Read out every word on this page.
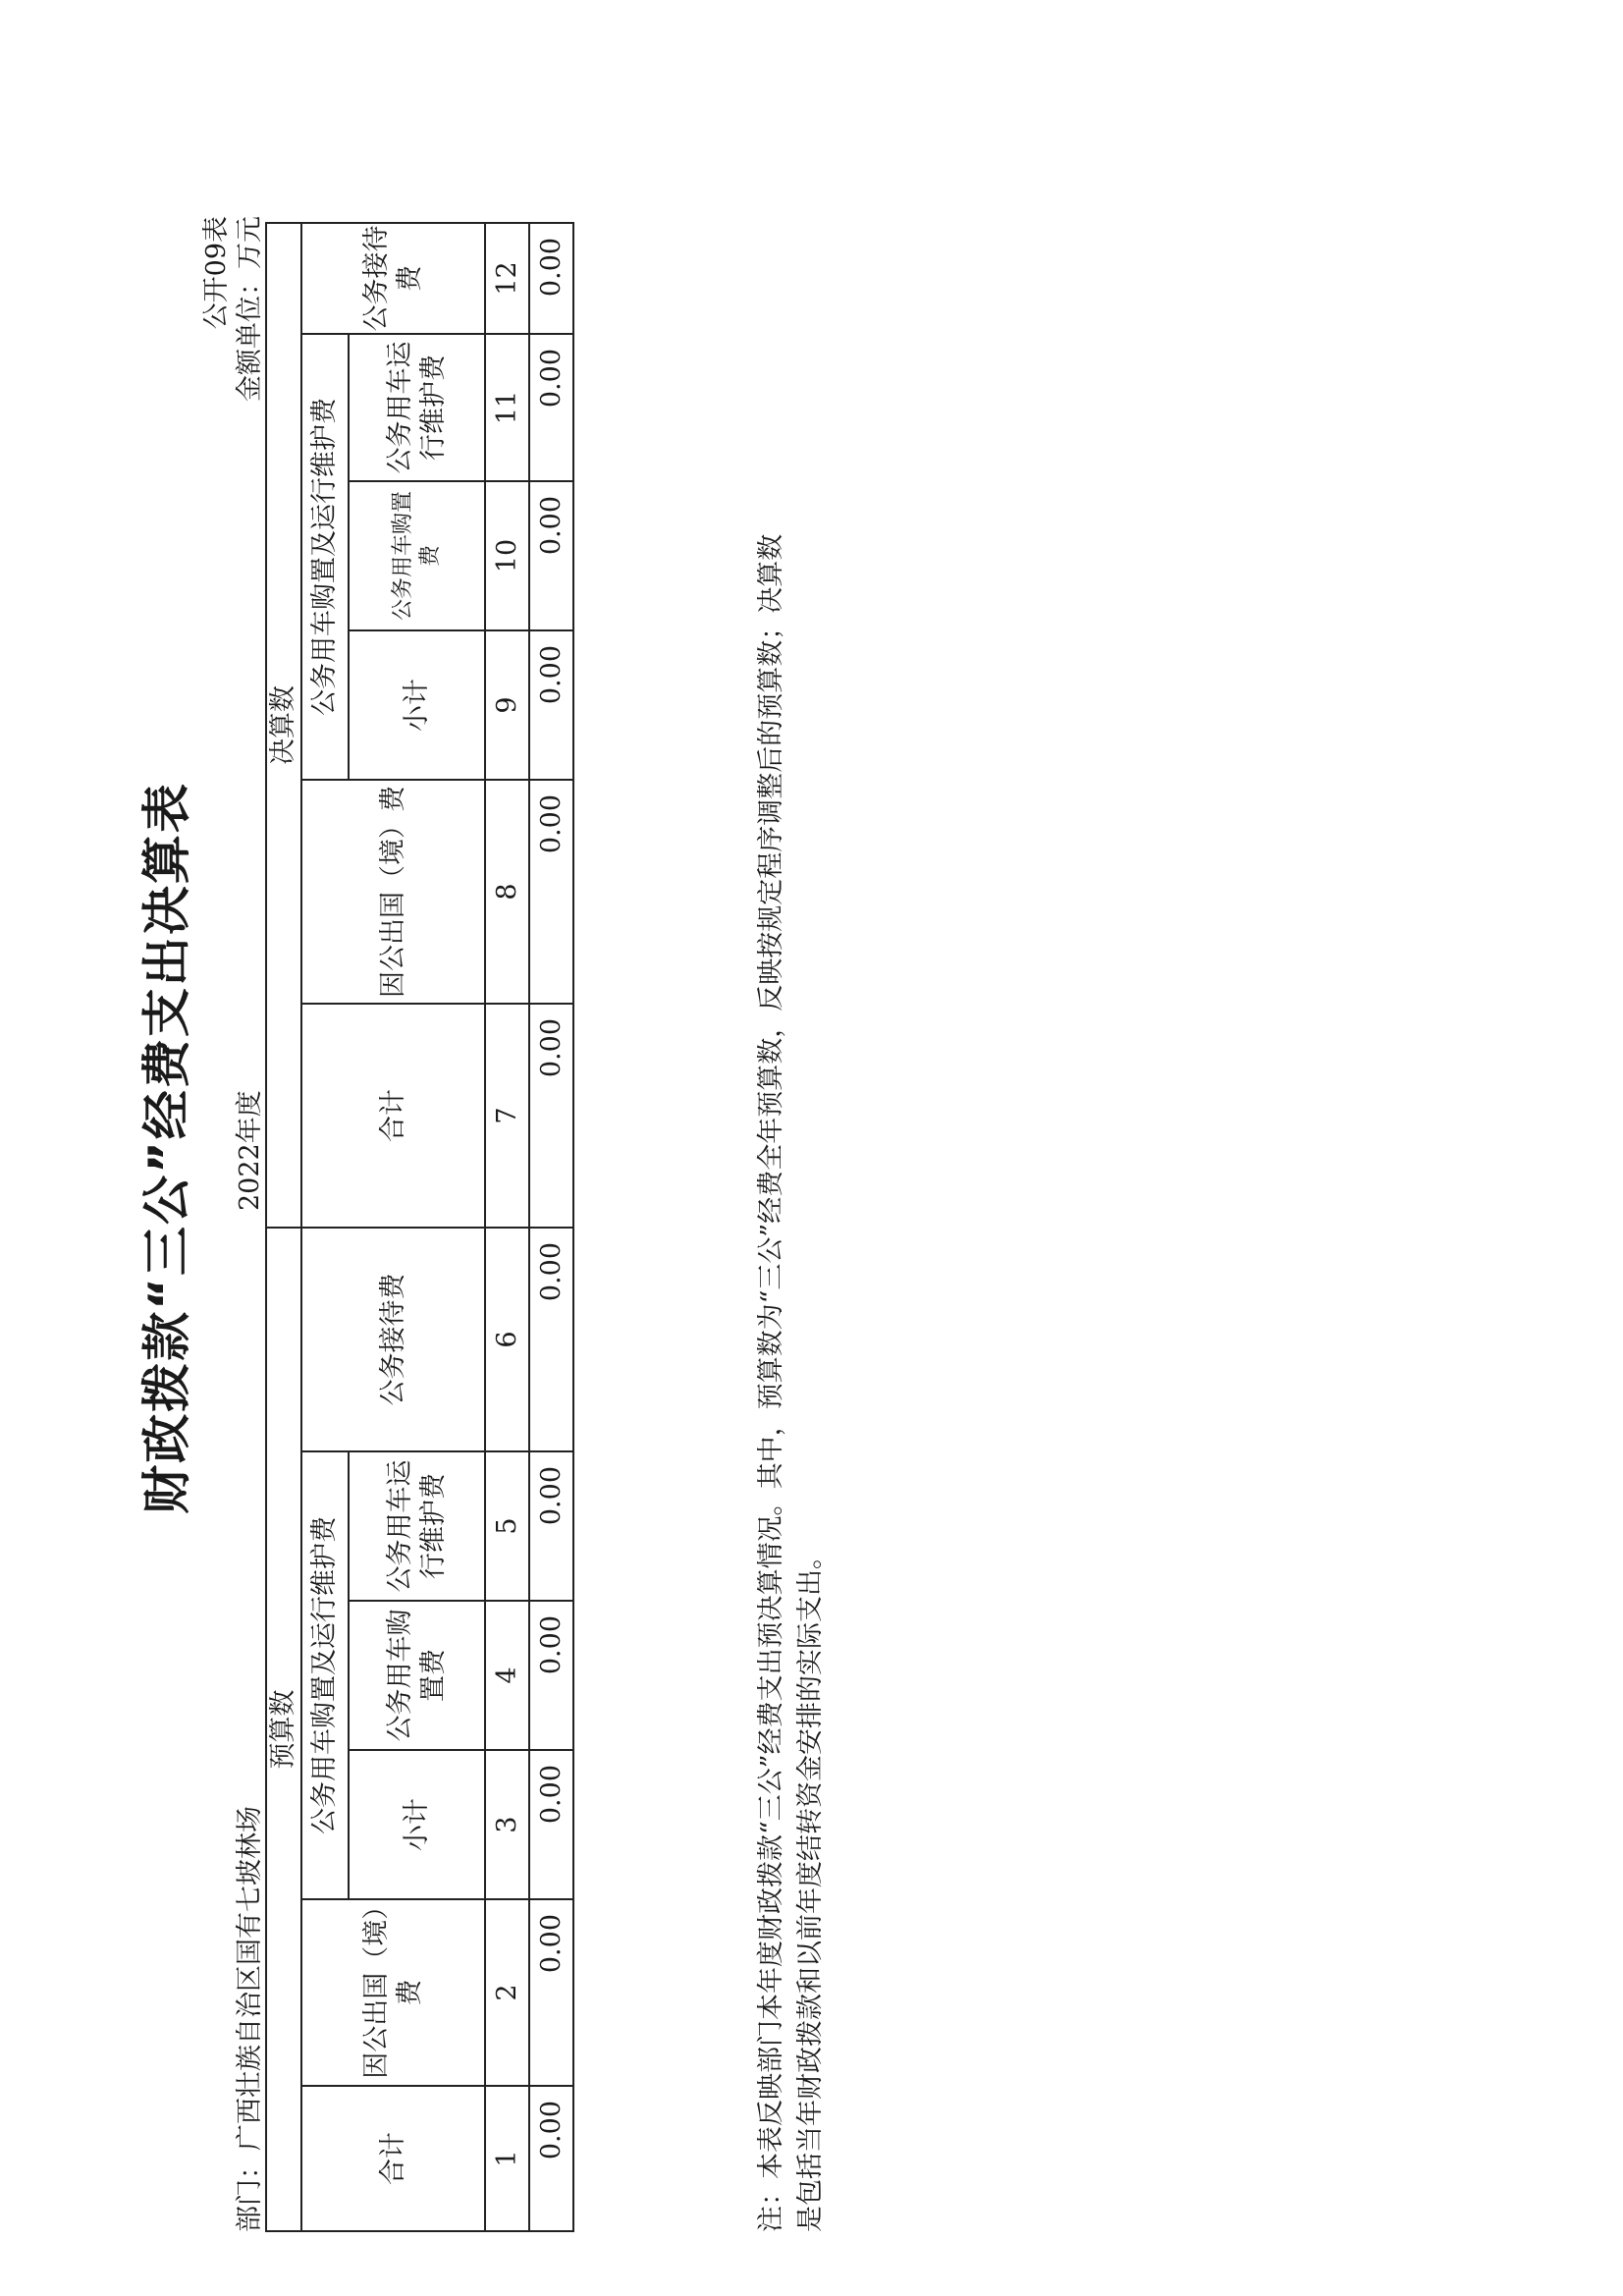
财政拨款“三公”经费支出决算表
公开09表
2022年度
金额单位：万元
部门：广西壮族自治区国有七坡林场
预算数						决算数					
合计	因公出国（境）费	公务用车购置及运行维护费			公务接待费	合计	因公出国（境）费	公务用车购置及运行维护费			公务接待费
		小计	公务用车购置费	公务用车运行维护费				小计	公务用车购置费	公务用车运行维护费	
1	2	3	4	5	6	7	8	9	10	11	12
0.00	0.00	0.00	0.00	0.00	0.00	0.00	0.00	0.00	0.00	0.00	0.00
注：本表反映部门本年度财政拨款“三公”经费支出预决算情况。其中，预算数为“三公”经费全年预算数，反映按规定程序调整后的预算数；决算数 是包括当年财政拨款和以前年度结转资金安排的实际支出。
